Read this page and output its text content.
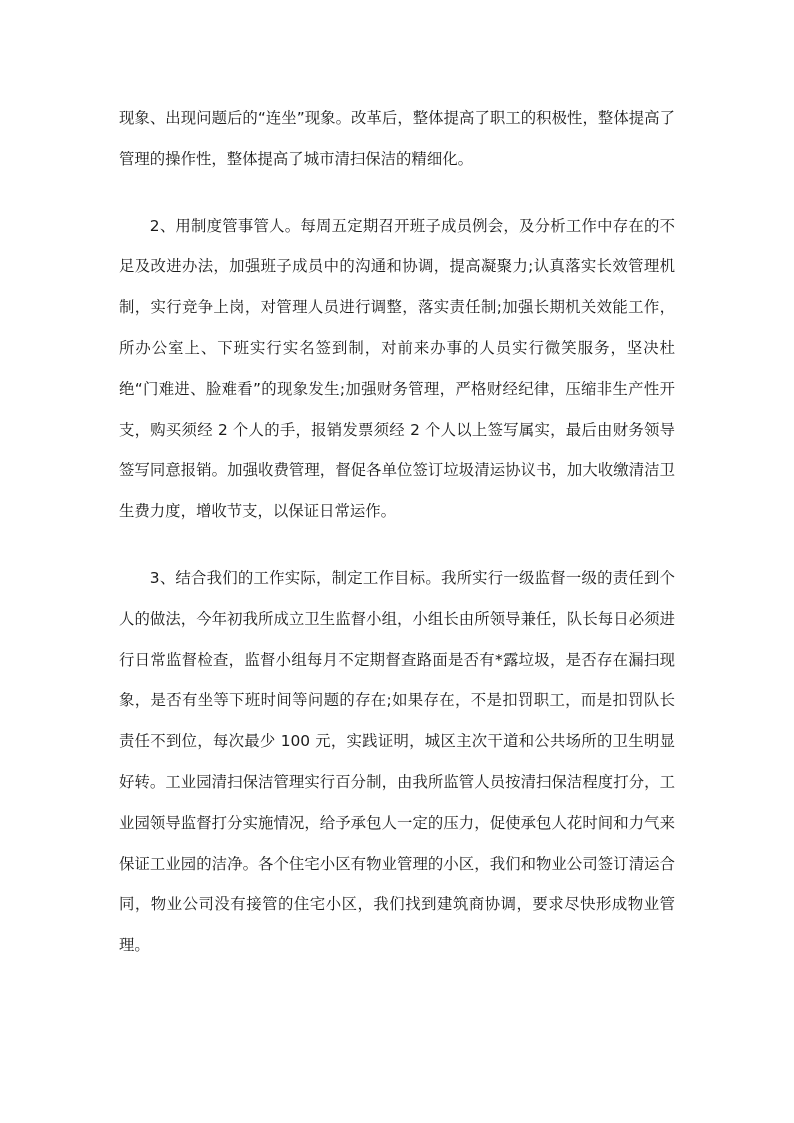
现象、出现问题后的“连坐”现象。改革后，整体提高了职工的积极性，整体提高了管理的操作性，整体提高了城市清扫保洁的精细化。

2、用制度管事管人。每周五定期召开班子成员例会，及分析工作中存在的不足及改进办法，加强班子成员中的沟通和协调，提高凝聚力;认真落实长效管理机制，实行竞争上岗，对管理人员进行调整，落实责任制;加强长期机关效能工作，所办公室上、下班实行实名签到制，对前来办事的人员实行微笑服务，坚决杜绝“门难进、脸难看”的现象发生;加强财务管理，严格财经纪律，压缩非生产性开支，购买须经 2 个人的手，报销发票须经 2 个人以上签写属实，最后由财务领导签写同意报销。加强收费管理，督促各单位签订垃圾清运协议书，加大收缴清洁卫生费力度，增收节支，以保证日常运作。

3、结合我们的工作实际，制定工作目标。我所实行一级监督一级的责任到个人的做法，今年初我所成立卫生监督小组，小组长由所领导兼任，队长每日必须进行日常监督检查，监督小组每月不定期督查路面是否有*露垃圾，是否存在漏扫现象，是否有坐等下班时间等问题的存在;如果存在，不是扣罚职工，而是扣罚队长责任不到位，每次最少 100 元，实践证明，城区主次干道和公共场所的卫生明显好转。工业园清扫保洁管理实行百分制，由我所监管人员按清扫保洁程度打分，工业园领导监督打分实施情况，给予承包人一定的压力，促使承包人花时间和力气来保证工业园的洁净。各个住宅小区有物业管理的小区，我们和物业公司签订清运合同，物业公司没有接管的住宅小区，我们找到建筑商协调，要求尽快形成物业管理。
